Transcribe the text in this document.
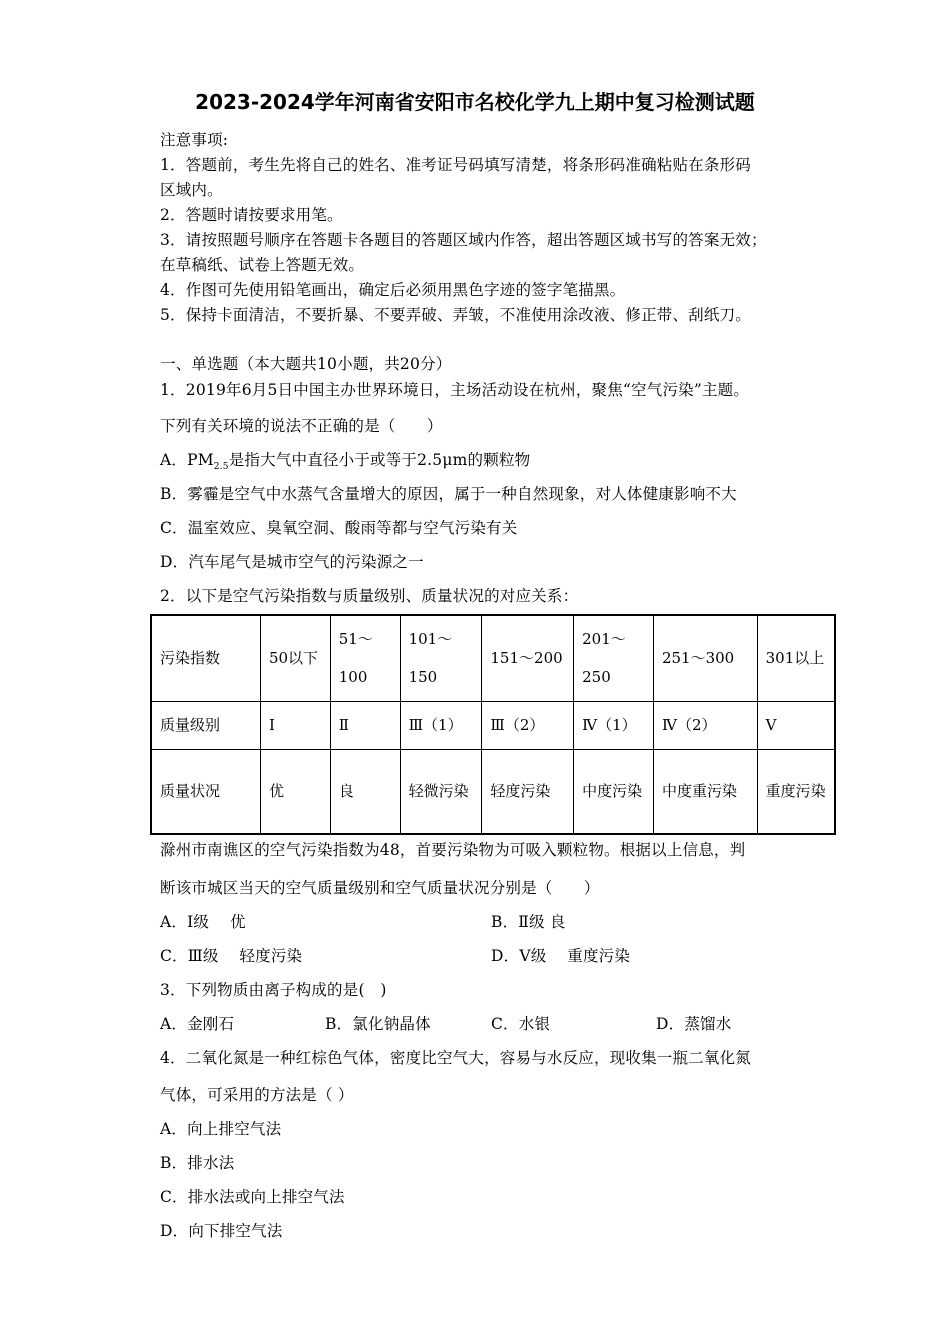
2023-2024学年河南省安阳市名校化学九上期中复习检测试题
注意事项:
1．答题前，考生先将自己的姓名、准考证号码填写清楚，将条形码准确粘贴在条形码
区域内。
2．答题时请按要求用笔。
3．请按照题号顺序在答题卡各题目的答题区域内作答，超出答题区域书写的答案无效；
在草稿纸、试卷上答题无效。
4．作图可先使用铅笔画出，确定后必须用黑色字迹的签字笔描黑。
5．保持卡面清洁，不要折暴、不要弄破、弄皱，不准使用涂改液、修正带、刮纸刀。
一、单选题（本大题共10小题，共20分）
1．2019年6月5日中国主办世界环境日，主场活动设在杭州，聚焦“空气污染”主题。
下列有关环境的说法不正确的是（　　）
A．$PM_{2.5}$是指大气中直径小于或等于2.5μm的颗粒物
B．雾霾是空气中水蒸气含量增大的原因，属于一种自然现象，对人体健康影响不大
C．温室效应、臭氧空洞、酸雨等都与空气污染有关
D．汽车尾气是城市空气的污染源之一
2．以下是空气污染指数与质量级别、质量状况的对应关系：
污染指数	50以下	51～100	101～150	151～200	201～250	251～300	301以上
质量级别	Ⅰ	Ⅱ	Ⅲ（1）	Ⅲ（2）	Ⅳ（1）	Ⅳ（2）	Ⅴ
质量状况	优	良	轻微污染	轻度污染	中度污染	中度重污染	重度污染
滁州市南谯区的空气污染指数为48，首要污染物为可吸入颗粒物。根据以上信息，判
断该市城区当天的空气质量级别和空气质量状况分别是（　　）
A．Ⅰ级　 优	B．Ⅱ级 良
C．Ⅲ级　 轻度污染	D．Ⅴ级　 重度污染
3．下列物质由离子构成的是(　)
A．金刚石	B．氯化钠晶体	C．水银	D．蒸馏水
4．二氧化氮是一种红棕色气体，密度比空气大，容易与水反应，现收集一瓶二氧化氮
气体，可采用的方法是（ ）
A．向上排空气法
B．排水法
C．排水法或向上排空气法
D．向下排空气法
